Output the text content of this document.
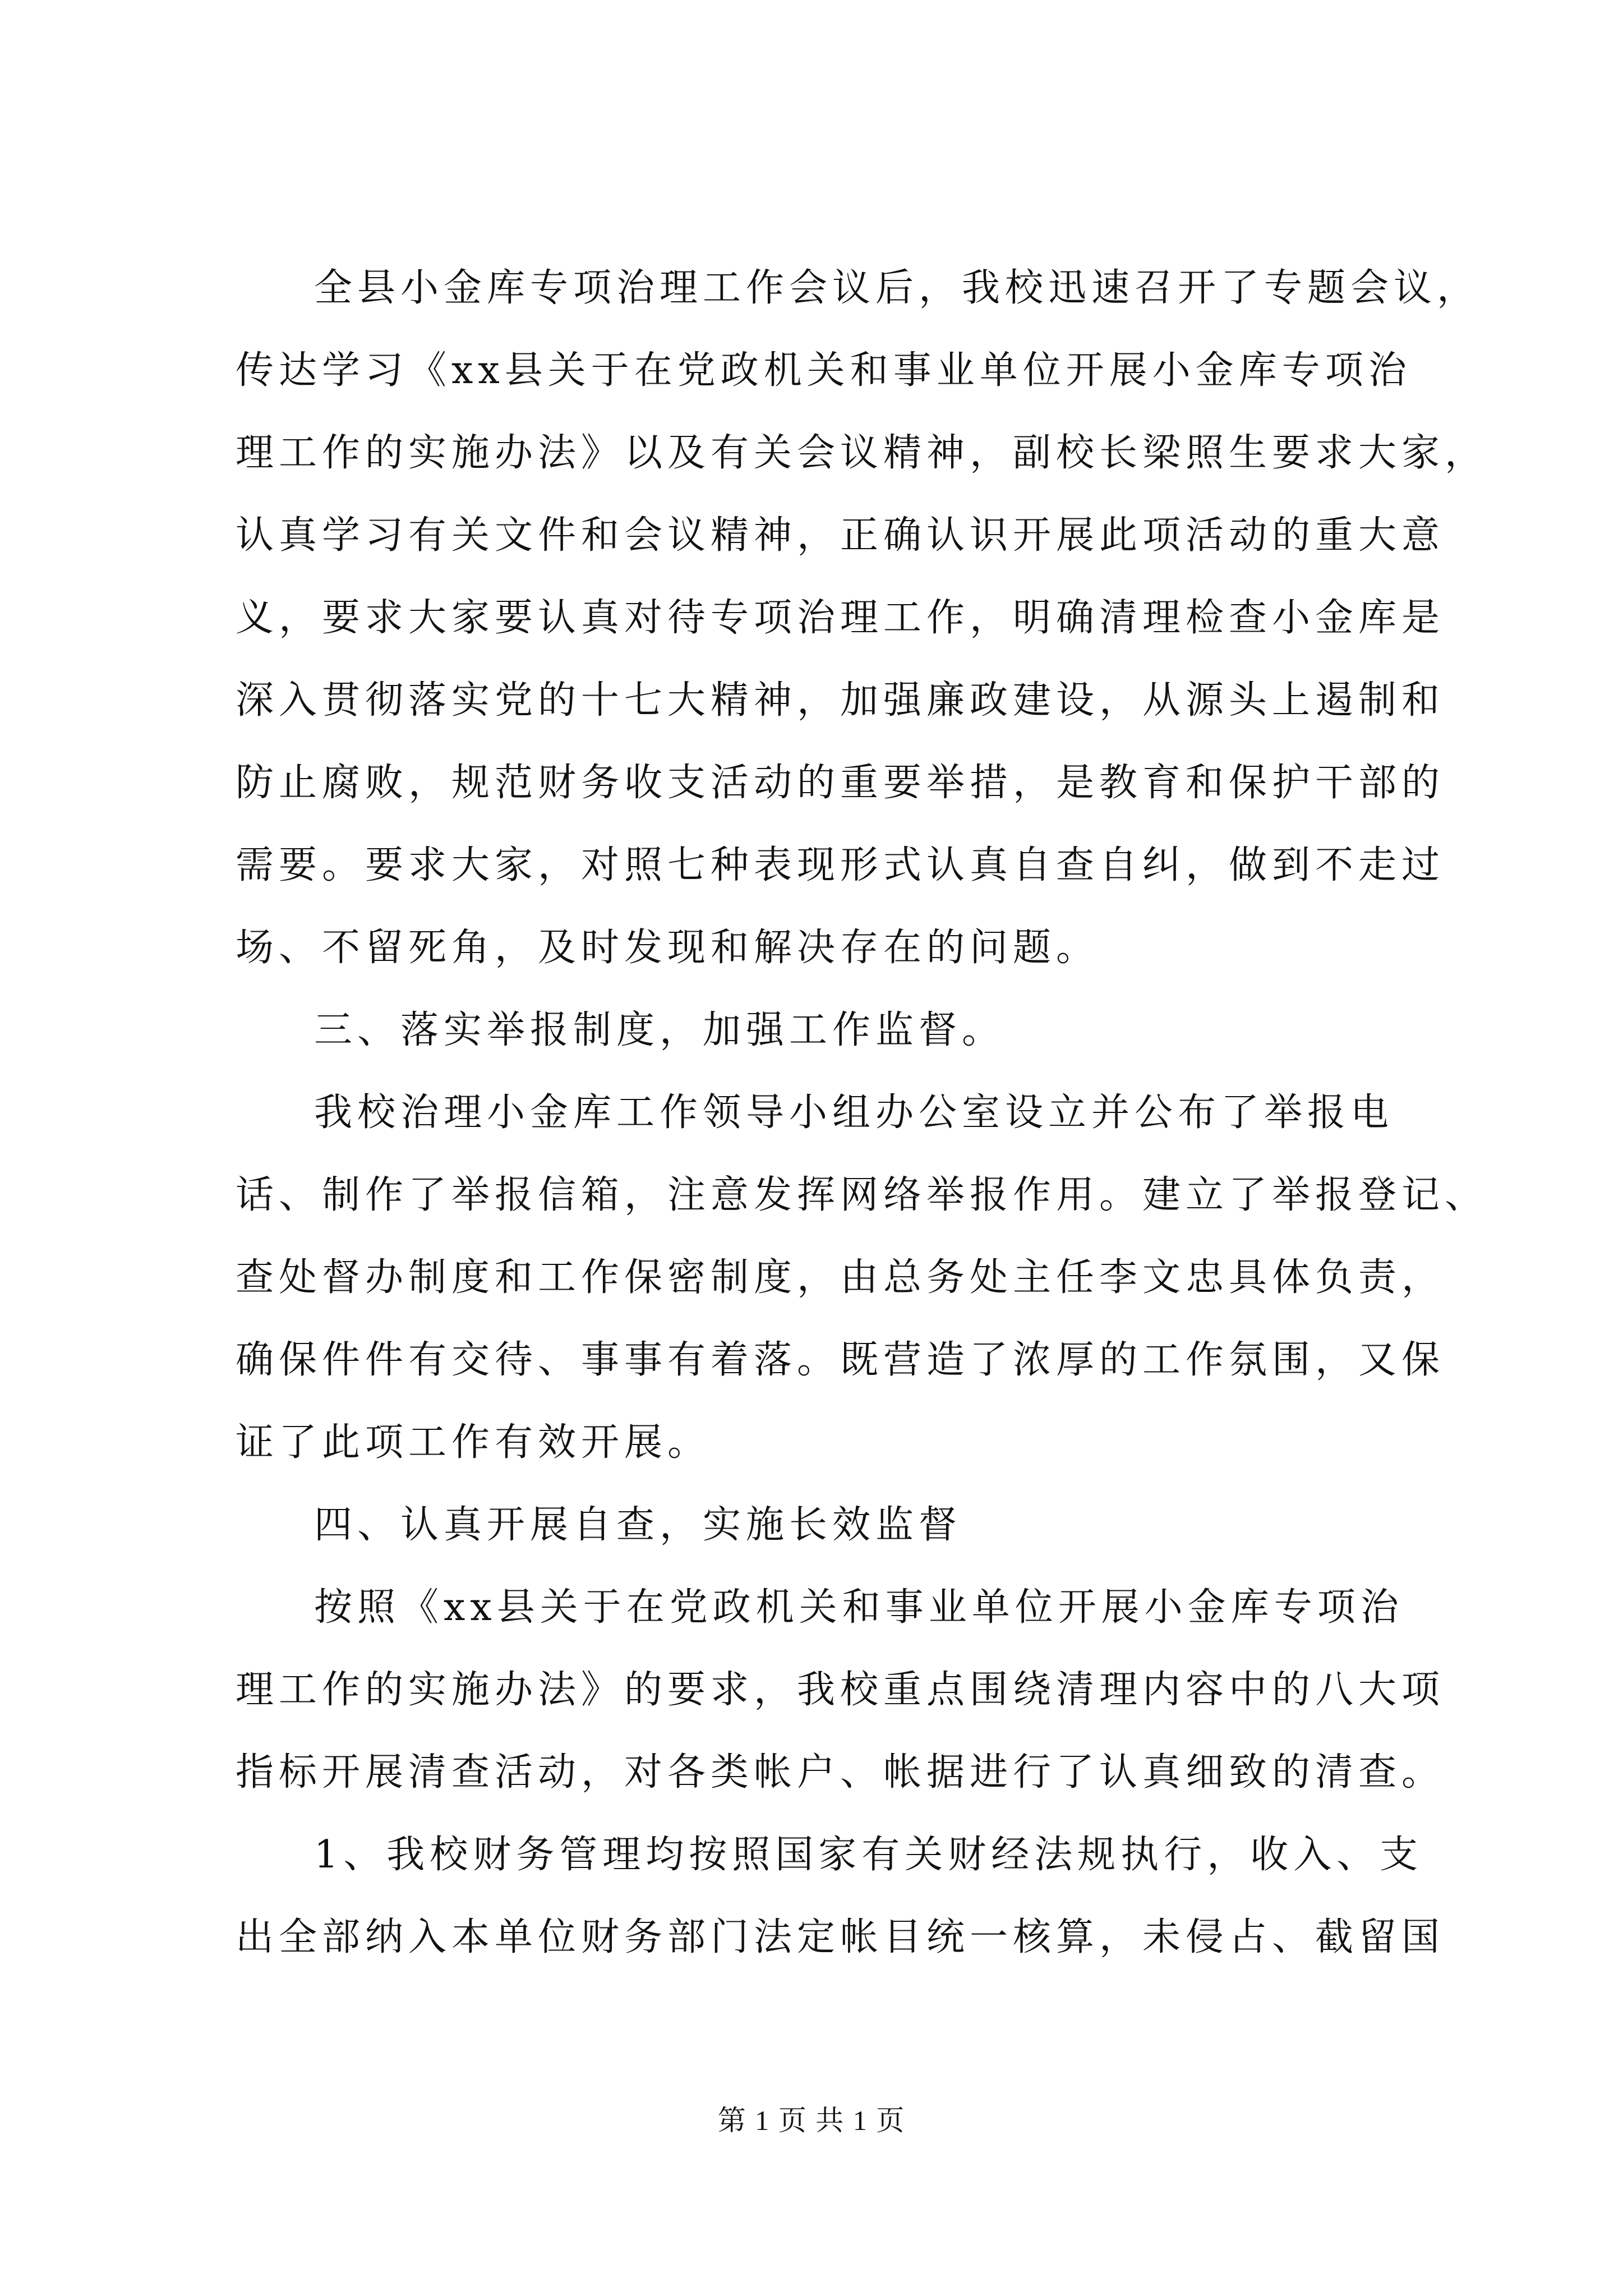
全县小金库专项治理工作会议后，我校迅速召开了专题会议，
传达学习《xx县关于在党政机关和事业单位开展小金库专项治
理工作的实施办法》以及有关会议精神，副校长梁照生要求大家，
认真学习有关文件和会议精神，正确认识开展此项活动的重大意
义，要求大家要认真对待专项治理工作，明确清理检查小金库是
深入贯彻落实党的十七大精神，加强廉政建设，从源头上遏制和
防止腐败，规范财务收支活动的重要举措，是教育和保护干部的
需要。要求大家，对照七种表现形式认真自查自纠，做到不走过
场、不留死角，及时发现和解决存在的问题。
三、落实举报制度，加强工作监督。
我校治理小金库工作领导小组办公室设立并公布了举报电
话、制作了举报信箱，注意发挥网络举报作用。建立了举报登记、
查处督办制度和工作保密制度，由总务处主任李文忠具体负责，
确保件件有交待、事事有着落。既营造了浓厚的工作氛围，又保
证了此项工作有效开展。
四、认真开展自查，实施长效监督
按照《xx县关于在党政机关和事业单位开展小金库专项治
理工作的实施办法》的要求，我校重点围绕清理内容中的八大项
指标开展清查活动，对各类帐户、帐据进行了认真细致的清查。
1、我校财务管理均按照国家有关财经法规执行，收入、支
出全部纳入本单位财务部门法定帐目统一核算，未侵占、截留国
第 1 页 共 1 页
